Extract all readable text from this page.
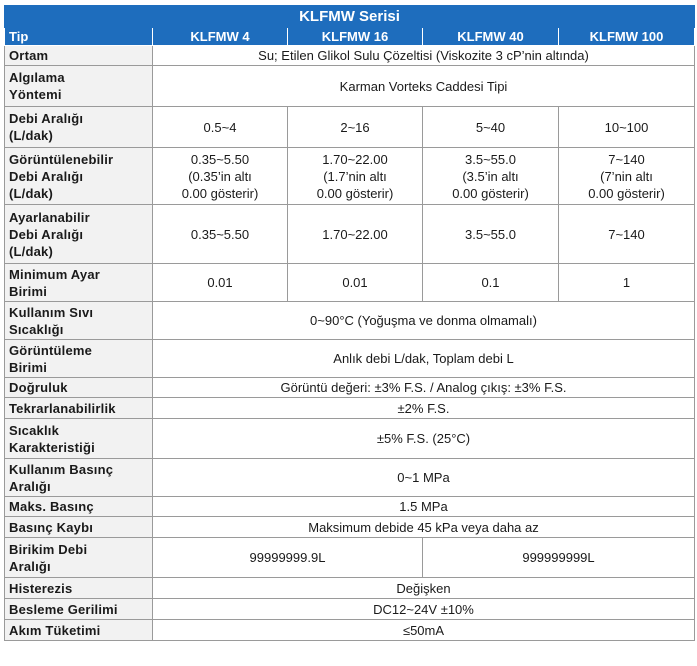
KLFMW Serisi				
Tip	KLFMW 4	KLFMW 16	KLFMW 40	KLFMW 100
Ortam	Su; Etilen Glikol Sulu Çözeltisi (Viskozite 3 cP’nin altında)			
Algılama
Yöntemi	Karman Vorteks Caddesi Tipi			
Debi Aralığı
(L/dak)	0.5~4	2~16	5~40	10~100
Görüntülenebilir
Debi Aralığı
(L/dak)	0.35~5.50
(0.35’in altı
0.00 gösterir)	1.70~22.00
(1.7’nin altı
0.00 gösterir)	3.5~55.0
(3.5’in altı
0.00 gösterir)	7~140
(7’nin altı
0.00 gösterir)
Ayarlanabilir
Debi Aralığı
(L/dak)	0.35~5.50	1.70~22.00	3.5~55.0	7~140
Minimum Ayar
Birimi	0.01	0.01	0.1	1
Kullanım Sıvı
Sıcaklığı	0~90°C (Yoğuşma ve donma olmamalı)			
Görüntüleme
Birimi	Anlık debi L/dak, Toplam debi L			
Doğruluk	Görüntü değeri: ±3% F.S. / Analog çıkış: ±3% F.S.			
Tekrarlanabilirlik	±2% F.S.			
Sıcaklık
Karakteristiği	±5% F.S. (25°C)			
Kullanım Basınç
Aralığı	0~1 MPa			
Maks. Basınç	1.5 MPa			
Basınç Kaybı	Maksimum debide 45 kPa veya daha az			
Birikim Debi
Aralığı	99999999.9L		999999999L	
Histerezis	Değişken			
Besleme Gerilimi	DC12~24V ±10%			
Akım Tüketimi	≤50mA			
